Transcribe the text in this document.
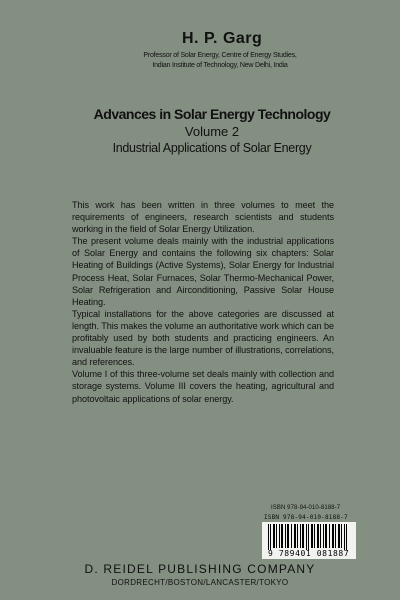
H. P. Garg
Professor of Solar Energy, Centre of Energy Studies,
Indian Institute of Technology, New Delhi, India
Advances in Solar Energy Technology
Volume 2
Industrial Applications of Solar Energy

This work has been written in three volumes to meet the requirements of engineers, research scientists and students working in the field of Solar Energy Utilization.

The present volume deals mainly with the industrial applications of Solar Energy and contains the following six chapters: Solar Heating of Buildings (Active Systems), Solar Energy for Industrial Process Heat, Solar Furnaces, Solar Thermo-Mechanical Power, Solar Refrigeration and Airconditioning, Passive Solar House Heating.

Typical installations for the above categories are discussed at length. This makes the volume an authoritative work which can be profitably used by both students and practicing engineers. An invaluable feature is the large number of illustrations, correlations, and references.

Volume I of this three-volume set deals mainly with collection and storage systems. Volume III covers the heating, agricultural and photovoltaic applications of solar energy.

ISBN 978-94-010-8188-7
ISBN 978-94-010-8188-7
9 789401 081887
D. REIDEL PUBLISHING COMPANY
DORDRECHT/BOSTON/LANCASTER/TOKYO
